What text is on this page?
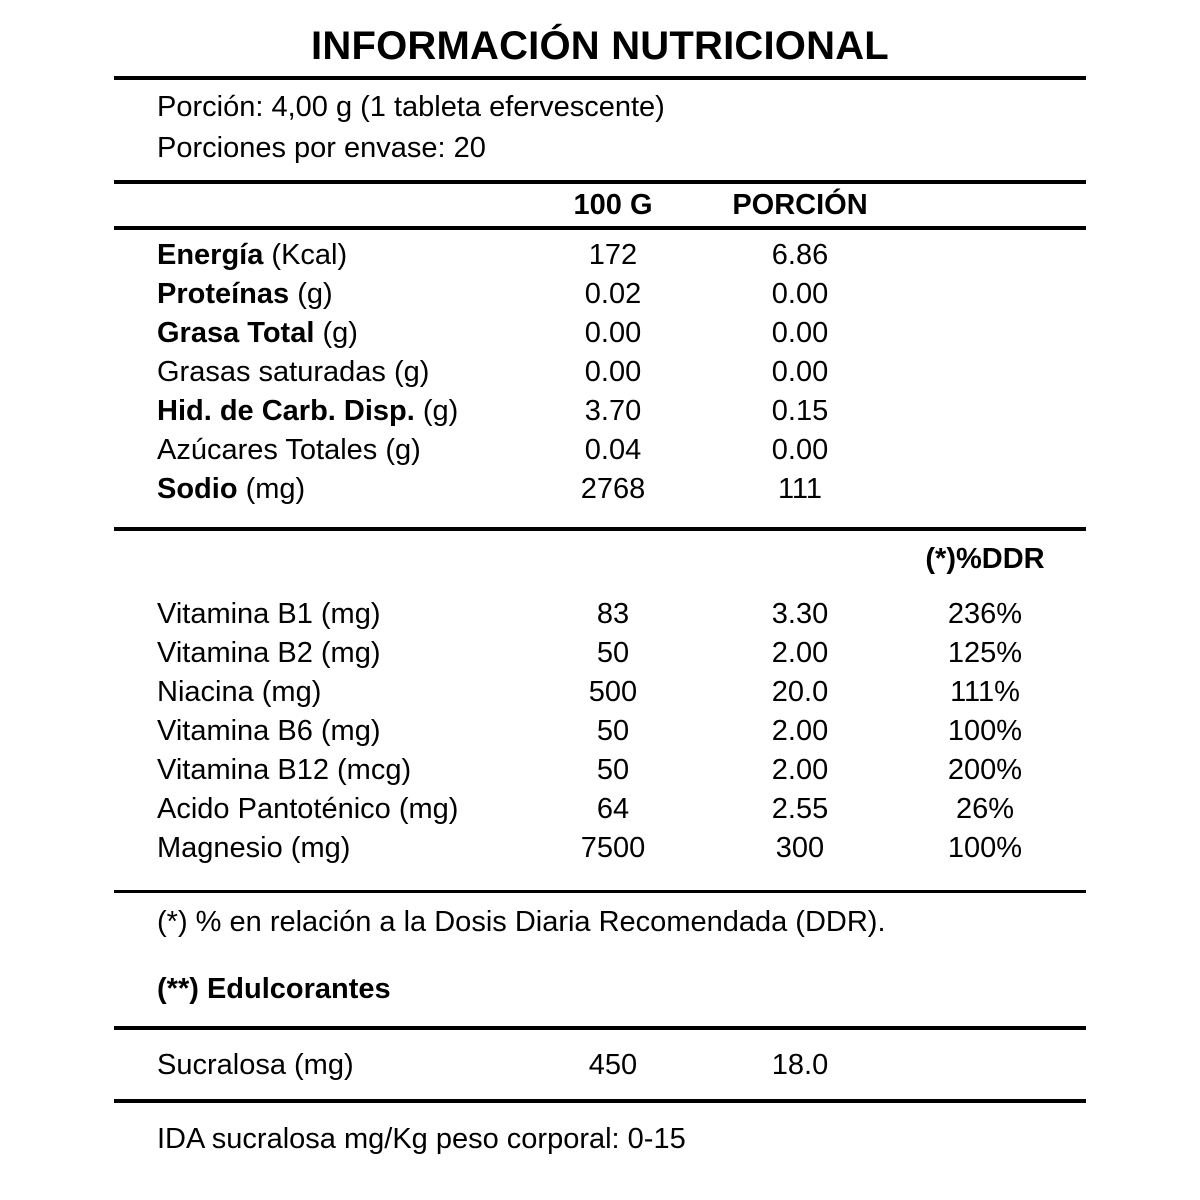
INFORMACIÓN NUTRICIONAL
Porción: 4,00 g (1 tableta efervescente)
Porciones por envase: 20
100 G	PORCIÓN
Energía (Kcal)	172	6.86
Proteínas (g)	0.02	0.00
Grasa Total (g)	0.00	0.00
Grasas saturadas (g)	0.00	0.00
Hid. de Carb. Disp. (g)	3.70	0.15
Azúcares Totales (g)	0.04	0.00
Sodio (mg)	2768	111
(*)%DDR
Vitamina B1 (mg)	83	3.30	236%
Vitamina B2 (mg)	50	2.00	125%
Niacina (mg)	500	20.0	111%
Vitamina B6 (mg)	50	2.00	100%
Vitamina B12 (mcg)	50	2.00	200%
Acido Pantoténico (mg)	64	2.55	26%
Magnesio (mg)	7500	300	100%
(*) % en relación a la Dosis Diaria Recomendada (DDR).
(**) Edulcorantes
Sucralosa (mg)	450	18.0
IDA sucralosa mg/Kg peso corporal: 0-15
